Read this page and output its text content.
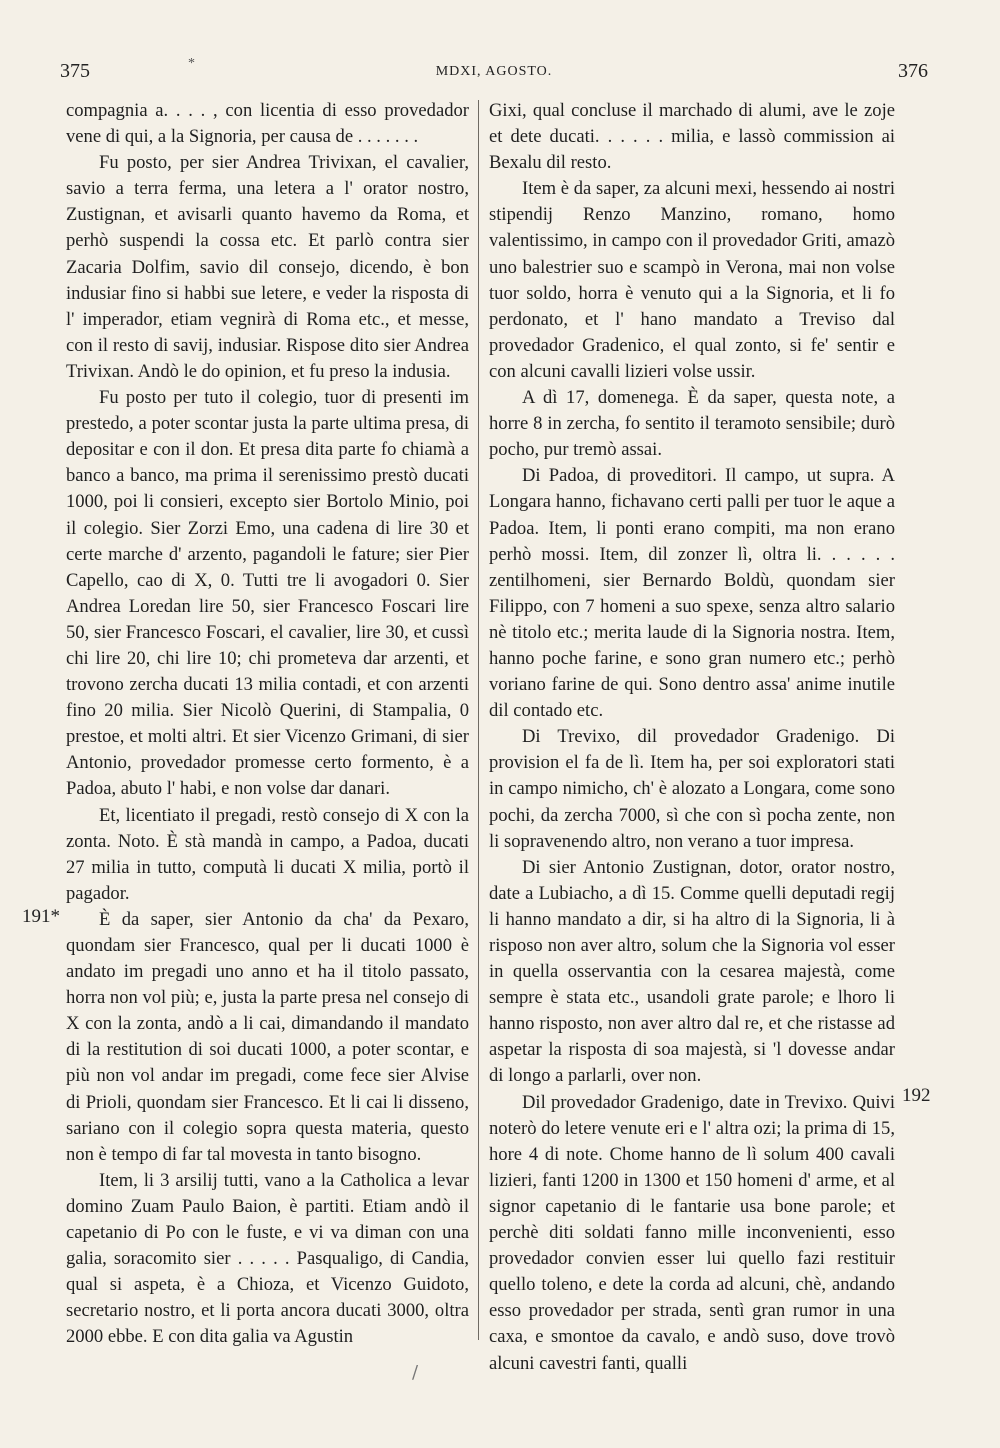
375	*
MDXI, AGOSTO.	376

compagnia a. . . . , con licentia di esso provedador vene di qui, a la Signoria, per causa de . . . . . . .

Fu posto, per sier Andrea Trivixan, el cavalier, savio a terra ferma, una letera a l' orator nostro, Zustignan, et avisarli quanto havemo da Roma, et perhò suspendi la cossa etc. Et parlò contra sier Zacaria Dolfim, savio dil consejo, dicendo, è bon indusiar fino si habbi sue letere, e veder la risposta di l' imperador, etiam vegnirà di Roma etc., et messe, con il resto di savij, indusiar. Rispose dito sier Andrea Trivixan. Andò le do opinion, et fu preso la indusia.

Fu posto per tuto il colegio, tuor di presenti im prestedo, a poter scontar justa la parte ultima presa, di depositar e con il don. Et presa dita parte fo chiamà a banco a banco, ma prima il serenissimo prestò ducati 1000, poi li consieri, excepto sier Bortolo Minio, poi il colegio. Sier Zorzi Emo, una cadena di lire 30 et certe marche d' arzento, pagandoli le fature; sier Pier Capello, cao di X, 0. Tutti tre li avogadori 0. Sier Andrea Loredan lire 50, sier Francesco Foscari lire 50, sier Francesco Foscari, el cavalier, lire 30, et cussì chi lire 20, chi lire 10; chi prometeva dar arzenti, et trovono zercha ducati 13 milia contadi, et con arzenti fino 20 milia. Sier Nicolò Querini, di Stampalia, 0 prestoe, et molti altri. Et sier Vicenzo Grimani, di sier Antonio, provedador promesse certo formento, è a Padoa, abuto l' habi, e non volse dar danari.

Et, licentiato il pregadi, restò consejo di X con la zonta. Noto. È stà mandà in campo, a Padoa, ducati 27 milia in tutto, computà li ducati X milia, portò il pagador.

È da saper, sier Antonio da cha' da Pexaro, quondam sier Francesco, qual per li ducati 1000 è andato im pregadi uno anno et ha il titolo passato, horra non vol più; e, justa la parte presa nel consejo di X con la zonta, andò a li cai, dimandando il mandato di la restitution di soi ducati 1000, a poter scontar, e più non vol andar im pregadi, come fece sier Alvise di Prioli, quondam sier Francesco. Et li cai li disseno, sariano con il colegio sopra questa materia, questo non è tempo di far tal movesta in tanto bisogno.

Item, li 3 arsilij tutti, vano a la Catholica a levar domino Zuam Paulo Baion, è partiti. Etiam andò il capetanio di Po con le fuste, e vi va diman con una galia, soracomito sier . . . . . Pasqualigo, di Candia, qual si aspeta, è a Chioza, et Vicenzo Guidoto, secretario nostro, et li porta ancora ducati 3000, oltra 2000 ebbe. E con dita galia va Agustin

Gixi, qual concluse il marchado di alumi, ave le zoje et dete ducati. . . . . . milia, e lassò commission ai Bexalu dil resto.

Item è da saper, za alcuni mexi, hessendo ai nostri stipendij Renzo Manzino, romano, homo valentissimo, in campo con il provedador Griti, amazò uno balestrier suo e scampò in Verona, mai non volse tuor soldo, horra è venuto qui a la Signoria, et li fo perdonato, et l' hano mandato a Treviso dal provedador Gradenico, el qual zonto, si fe' sentir e con alcuni cavalli lizieri volse ussir.

A dì 17, domenega. È da saper, questa note, a horre 8 in zercha, fo sentito il teramoto sensibile; durò pocho, pur tremò assai.

Di Padoa, di proveditori. Il campo, ut supra. A Longara hanno, fichavano certi palli per tuor le aque a Padoa. Item, li ponti erano compiti, ma non erano perhò mossi. Item, dil zonzer lì, oltra li. . . . . . zentilhomeni, sier Bernardo Boldù, quondam sier Filippo, con 7 homeni a suo spexe, senza altro salario nè titolo etc.; merita laude di la Signoria nostra. Item, hanno poche farine, e sono gran numero etc.; perhò voriano farine de qui. Sono dentro assa' anime inutile dil contado etc.

Di Trevixo, dil provedador Gradenigo. Di provision el fa de lì. Item ha, per soi exploratori stati in campo nimicho, ch' è alozato a Longara, come sono pochi, da zercha 7000, sì che con sì pocha zente, non li sopravenendo altro, non verano a tuor impresa.

Di sier Antonio Zustignan, dotor, orator nostro, date a Lubiacho, a dì 15. Comme quelli deputadi regij li hanno mandato a dir, si ha altro di la Signoria, li à risposo non aver altro, solum che la Signoria vol esser in quella osservantia con la cesarea majestà, come sempre è stata etc., usandoli grate parole; e lhoro li hanno risposto, non aver altro dal re, et che ristasse ad aspetar la risposta di soa majestà, si 'l dovesse andar di longo a parlarli, over non.

Dil provedador Gradenigo, date in Trevixo. Quivi noterò do letere venute eri e l' altra ozi; la prima di 15, hore 4 di note. Chome hanno de lì solum 400 cavali lizieri, fanti 1200 in 1300 et 150 homeni d' arme, et al signor capetanio di le fantarie usa bone parole; et perchè diti soldati fanno mille inconvenienti, esso provedador convien esser lui quello fazi restituir quello toleno, e dete la corda ad alcuni, chè, andando esso provedador per strada, sentì gran rumor in una caxa, e smontoe da cavalo, e andò suso, dove trovò alcuni cavestri fanti, qualli

191*
192
/
